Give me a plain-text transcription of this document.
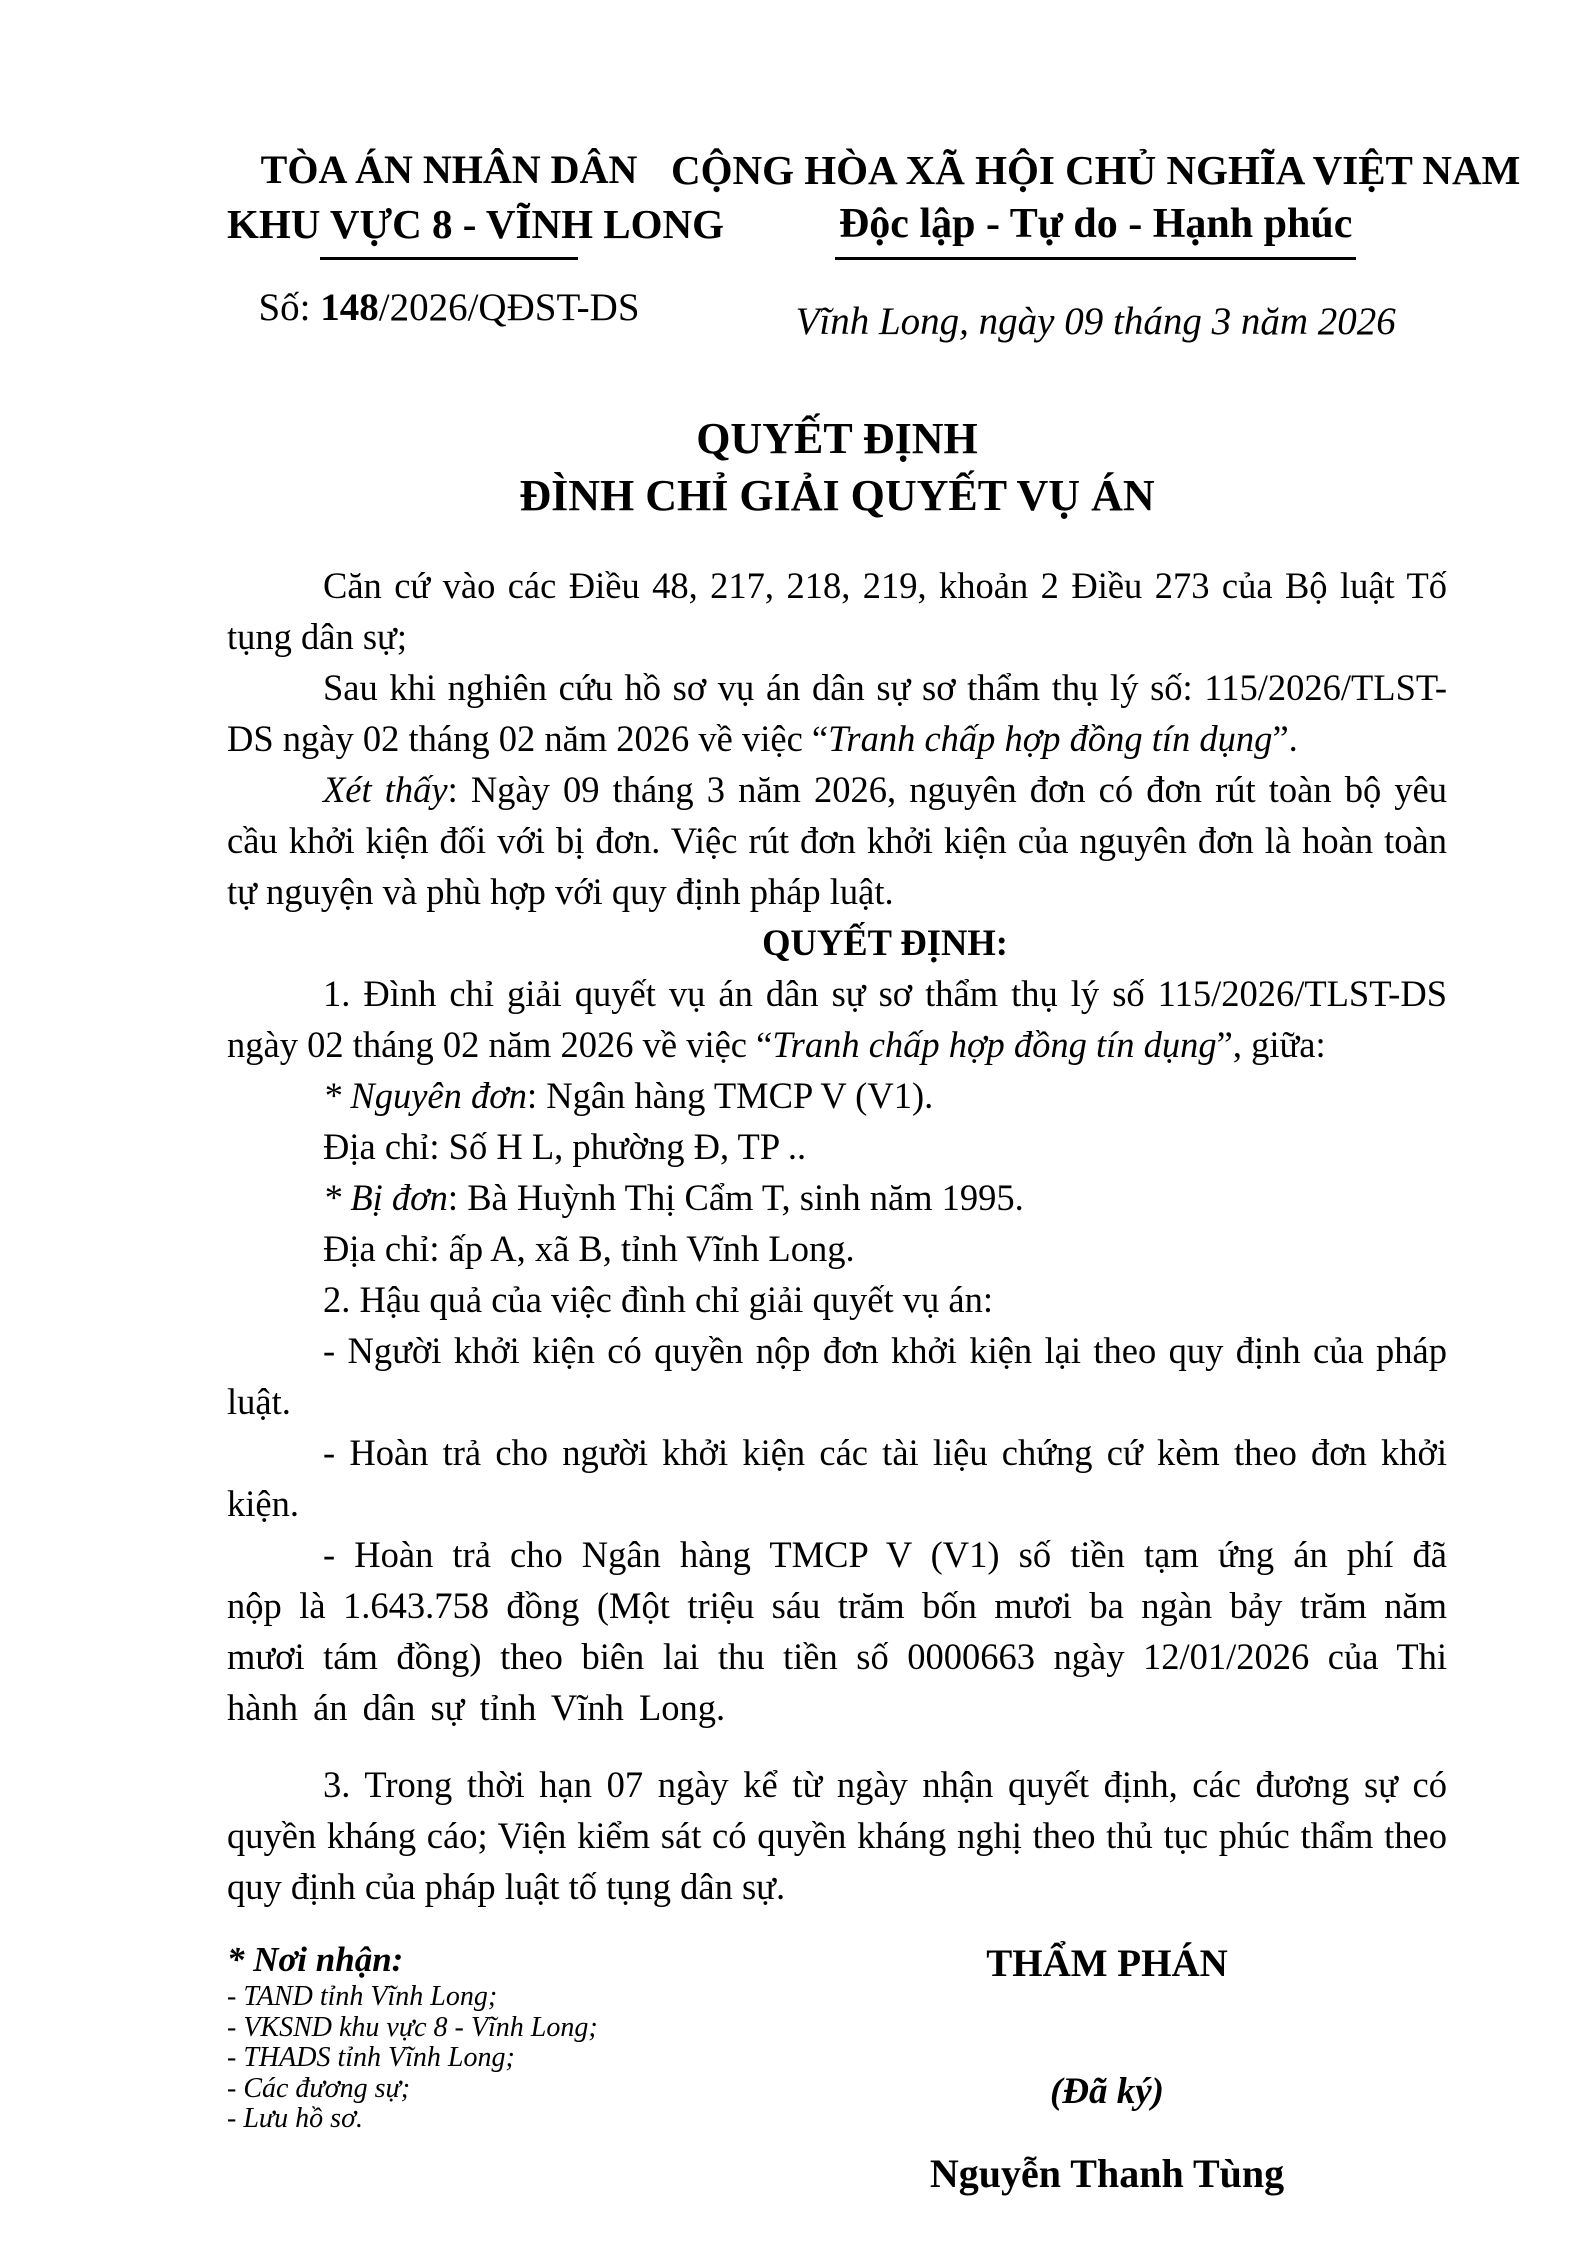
TÒA ÁN NHÂN DÂN
KHU VỰC 8 - VĨNH LONG
Số: 148/2026/QĐST-DS
CỘNG HÒA XÃ HỘI CHỦ NGHĨA VIỆT NAM
Độc lập - Tự do - Hạnh phúc
Vĩnh Long, ngày 09 tháng 3 năm 2026
QUYẾT ĐỊNH
ĐÌNH CHỈ GIẢI QUYẾT VỤ ÁN

Căn cứ vào các Điều 48, 217, 218, 219, khoản 2 Điều 273 của Bộ luật Tố tụng dân sự;

Sau khi nghiên cứu hồ sơ vụ án dân sự sơ thẩm thụ lý số: 115/2026/TLST-DS ngày 02 tháng 02 năm 2026 về việc “Tranh chấp hợp đồng tín dụng”.

Xét thấy: Ngày 09 tháng 3 năm 2026, nguyên đơn có đơn rút toàn bộ yêu cầu khởi kiện đối với bị đơn. Việc rút đơn khởi kiện của nguyên đơn là hoàn toàn tự nguyện và phù hợp với quy định pháp luật.

QUYẾT ĐỊNH:

1. Đình chỉ giải quyết vụ án dân sự sơ thẩm thụ lý số 115/2026/TLST-DS ngày 02 tháng 02 năm 2026 về việc “Tranh chấp hợp đồng tín dụng”, giữa:

* Nguyên đơn: Ngân hàng TMCP V (V1).

Địa chỉ: Số H L, phường Đ, TP ..

* Bị đơn: Bà Huỳnh Thị Cẩm T, sinh năm 1995.

Địa chỉ: ấp A, xã B, tỉnh Vĩnh Long.

2. Hậu quả của việc đình chỉ giải quyết vụ án:

- Người khởi kiện có quyền nộp đơn khởi kiện lại theo quy định của pháp luật.

- Hoàn trả cho người khởi kiện các tài liệu chứng cứ kèm theo đơn khởi kiện.

- Hoàn trả cho Ngân hàng TMCP V (V1) số tiền tạm ứng án phí đã nộp là 1.643.758 đồng (Một triệu sáu trăm bốn mươi ba ngàn bảy trăm năm mươi tám đồng) theo biên lai thu tiền số 0000663 ngày 12/01/2026 của Thi hành án dân sự tỉnh Vĩnh Long.

3. Trong thời hạn 07 ngày kể từ ngày nhận quyết định, các đương sự có quyền kháng cáo; Viện kiểm sát có quyền kháng nghị theo thủ tục phúc thẩm theo quy định của pháp luật tố tụng dân sự.

* Nơi nhận:
- TAND tỉnh Vĩnh Long;
- VKSND khu vực 8 - Vĩnh Long;
- THADS tỉnh Vĩnh Long;
- Các đương sự;
- Lưu hồ sơ.
THẨM PHÁN
(Đã ký)
Nguyễn Thanh Tùng
